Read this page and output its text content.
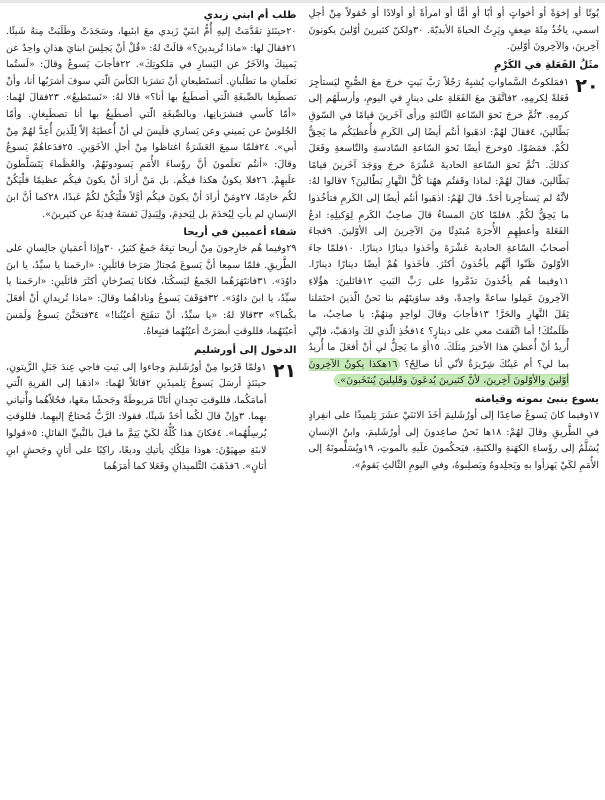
يُوتًا أو إخوَةً أو أخواتٍ أو أبًا أو أمًّا أو امرأةً أو أولادًا أو حُقولاً مِنْ أجلِ اسمي، ياخُذُ مِئَةَ ضِعفٍ ويَرِثُ الحياةَ الأبديّةَ. ٣٠ولكنّ كثيرينَ أوّلينَ يكونونَ آخِرينَ، والآخِرونَ أوّلينَ.

مثَلُ الفَعَلةِ في الكَرْمِ
٢٠

١فمَلكوتُ السَّماواتِ يُشبِهُ رَجُلاً رَبَّ بَيتٍ خرجَ معَ الصُّبحِ ليَستأجِرَ فَعَلةً لِكرمِهِ، ٢فاتَّفَقَ معَ الفَعَلةِ على دينارٍ في اليومِ، وأرسلَهُم إلى كرمِهِ. ٣ثُمَّ خرجَ نَحوَ السّاعةِ الثّالثةِ ورأى آخَرينَ قيامًا في السّوقِ بَطّالينَ، ٤فقالَ لهُمْ: اذهَبوا أنتُم أيضًا إلى الكَرمِ فأُعطيَكُم ما يَحِقُّ لكُمْ. فمَضَوْا. ٥وخرجَ أيضًا نَحوَ السّاعةِ السّادسةِ والتّاسعةِ وفَعَلَ كذلكَ. ٦ثُمَّ نَحوَ السّاعةِ الحاديةَ عَشْرَةَ خرجَ ووَجَدَ آخَرينَ قيامًا بَطّالينَ، فقالَ لهُمْ: لماذا وقَفتُم ههُنا كُلَّ النَّهارِ بَطّالينَ؟ ٧قالوا لهُ: لأنَّهُ لم يَستأجِرنا أحَدٌ. قالَ لهُمُ: اذهَبوا أنتُم أيضًا إلى الكَرمِ فتأخُذوا ما يَحِقُّ لكُمْ. ٨فلمّا كانَ المساءُ قالَ صاحِبُ الكَرمِ لِوَكيلِهِ: ادعُ الفَعَلةَ وأعطِهِمِ الأُجرَةَ مُبتَدِئًا مِنَ الآخِرينَ إلى الأوّلينَ. ٩فجاءَ أصحابُ السّاعةِ الحاديةَ عَشْرَةَ وأخَذوا دينارًا دينارًا. ١٠فلمّا جاءَ الأوّلونَ ظَنّوا أنَّهُم يأخُذونَ أكثَرَ. فأخَذوا هُمْ أيضًا دينارًا دينارًا. ١١وفيما هُم يأخُذونَ تذَمَّروا على رَبِّ البَيتِ ١٢قائلينَ: هؤُلاءِ الآخِرونَ عَمِلوا ساعةً واحِدةً، وقد ساوَيتَهُم بنا نَحنُ الّذينَ احتَمَلنا ثِقَلَ النَّهارِ والحَرَّ! ١٣فأجابَ وقالَ لواحِدٍ مِنهُمْ: يا صاحِبُ، ما ظَلَمتُكَ! أما اتَّفَقتَ معي على دينارٍ؟ ١٤فخُذِ الّذي لكَ واذهَبْ، فإنّي أُريدُ أنْ أُعطيَ هذا الأخيرَ مِثلَكَ. ١٥أوَ ما يَحِلُّ لي أنْ أفعَلَ ما أُريدُ بما لي؟ أم عَينُكَ شِرّيرَةٌ لأنّي أنا صالِحٌ؟ ١٦هكذا يكونُ الآخِرونَ أوّلينَ والأوّلونَ آخِرينَ، لأنَّ كثيرينَ يُدعَونَ وقَليلينَ يُنتَخَبونَ».

يسوع ينبئ بموته وقيامته

١٧وفيما كانَ يَسوعُ صاعِدًا إلى أورُشَليمَ أخَذَ الاثنَيْ عشَرَ تِلميذًا على انفِرادٍ في الطَّريقِ وقالَ لهُمْ: ١٨ها نَحنُ صاعِدونَ إلى أورُشَليمَ، وابنُ الإنسانِ يُسَلَّمُ إلى رؤَساءِ الكهَنةِ والكتَبةِ، فيَحكُمونَ علَيهِ بالموتِ، ١٩ويُسَلِّمونَهُ إلى الأُمَمِ لكَيْ يَهزأوا بهِ ويَجلِدوهُ ويَصلِبوهُ، وفي اليومِ الثّالثِ يَقومُ».

طلب أم ابني زبدي

٢٠حينَئذٍ تقَدَّمَتْ إليهِ أُمُّ ابنَيْ زَبدي معَ ابنَيها، وسَجَدَتْ وطَلَبَتْ مِنهُ شَيئًا. ٢١فقالَ لها: «ماذا تُريدينَ؟» قالَتْ لهُ: «قُلْ أنْ يَجلِسَ ابنايَ هذانِ واحِدٌ عن يَمينِكَ والآخَرُ عن اليَسارِ في مَلكوتِكَ». ٢٢فأجابَ يَسوعُ وقالَ: «لَستُما تعلَمانِ ما تطلُبانِ. أتستَطيعانِ أنْ تشرَبا الكأسَ الّتي سوفَ أشرَبُها أنا، وأنْ تصطَبِغا بالصِّبغَةِ الّتي أصطَبِغُ بها أنا؟» قالا لهُ: «نَستَطيعُ». ٢٣فقالَ لهُما: «أمّا كأسي فتشرَبانِها، وبالصِّبغَةِ الّتي أصطَبِغُ بها أنا تصطَبِغانِ. وأمّا الجُلوسُ عن يَميني وعن يَساري فلَيسَ لي أنْ أُعطيَهُ إلاّ لِلّذينَ أُعِدَّ لهُمْ مِنْ أبي». ٢٤فلمّا سمِعَ العَشَرَةُ اغتاظوا مِنْ أجلِ الأخَوَينِ. ٢٥فدَعاهُمْ يَسوعُ وقالَ: «أنتُم تعلَمونَ أنَّ رؤَساءَ الأُمَمِ يَسودونَهُمْ، والعُظَماءَ يَتَسَلَّطونَ علَيهِمْ. ٢٦فلا يكونُ هكذا فيكُم. بل مَنْ أرادَ أنْ يكونَ فيكُم عظيمًا فلْيَكُنْ لكُم خادِمًا، ٢٧ومَنْ أرادَ أنْ يكونَ فيكُم أوَّلاً فلْيَكُنْ لكُمْ عَبدًا، ٢٨كما أنَّ ابنَ الإنسانِ لم يأتِ لِيُخدَمَ بل لِيَخدِمَ، ولِيَبذِلَ نَفسَهُ فِديَةً عن كثيرينَ».

شفاء أعميين في أريحا

٢٩وفيما هُم خارِجونَ مِنْ أريحا تبِعَهُ جَمعٌ كثيرٌ، ٣٠وإذا أعمَيانِ جالِسانِ على الطَّريقِ. فلمّا سمِعا أنَّ يَسوعَ مُجتازٌ صَرَخا قائلَينِ: «ارحَمنا يا سيِّدُ، يا ابنَ داوُدَ». ٣١فانتَهَرَهُما الجَمعُ ليَسكُتا، فكانا يَصرُخانِ أكثَرَ قائلَينِ: «ارحَمنا يا سيِّدُ، يا ابنَ داوُدَ». ٣٢فوَقَفَ يَسوعُ وناداهُما وقالَ: «ماذا تُريدانِ أنْ أفعَلَ بكُما؟» ٣٣قالا لهُ: «يا سيِّدُ، أنْ تنفَتِحَ أعيُنُنا!» ٣٤فتحَنَّنَ يَسوعُ ولَمَسَ أعيُنَهُما، فللوقتِ أبصَرَتْ أعيُنُهُما فتبِعاهُ.

الدخول إلى أورشليم
٢١

١ولمّا قَرُبوا مِنْ أورُشَليمَ وجاءوا إلى بَيتِ فاجي عِندَ جَبَلِ الزَّيتونِ، حينَئذٍ أرسَلَ يَسوعُ تِلميذَينِ ٢قائلاً لهُما: «اذهَبا إلى القريةِ الّتي أمامَكُما، فللوقتِ تجِدانِ أتانًا مَربوطَةً وجَحشًا معَها، فحُلاّهُما وأْتياني بهِما. ٣وإنْ قالَ لكُما أحَدٌ شَيئًا، فقولا: الرَّبُّ مُحتاجٌ إليهِما. فللوقتِ يُرسِلُهُما». ٤فكانَ هذا كُلُّهُ لكَيْ يَتِمَّ ما قيلَ بالنَّبيِّ القائلِ: ٥«قولوا لابنَةِ صِهيَوْنَ: هوذا مَلِكُكِ يأتيكِ وديعًا، راكِبًا على أتانٍ وجَحشٍ ابنِ أتانٍ». ٦فذَهَبَ التِّلميذانِ وفَعَلا كما أمَرَهُما
